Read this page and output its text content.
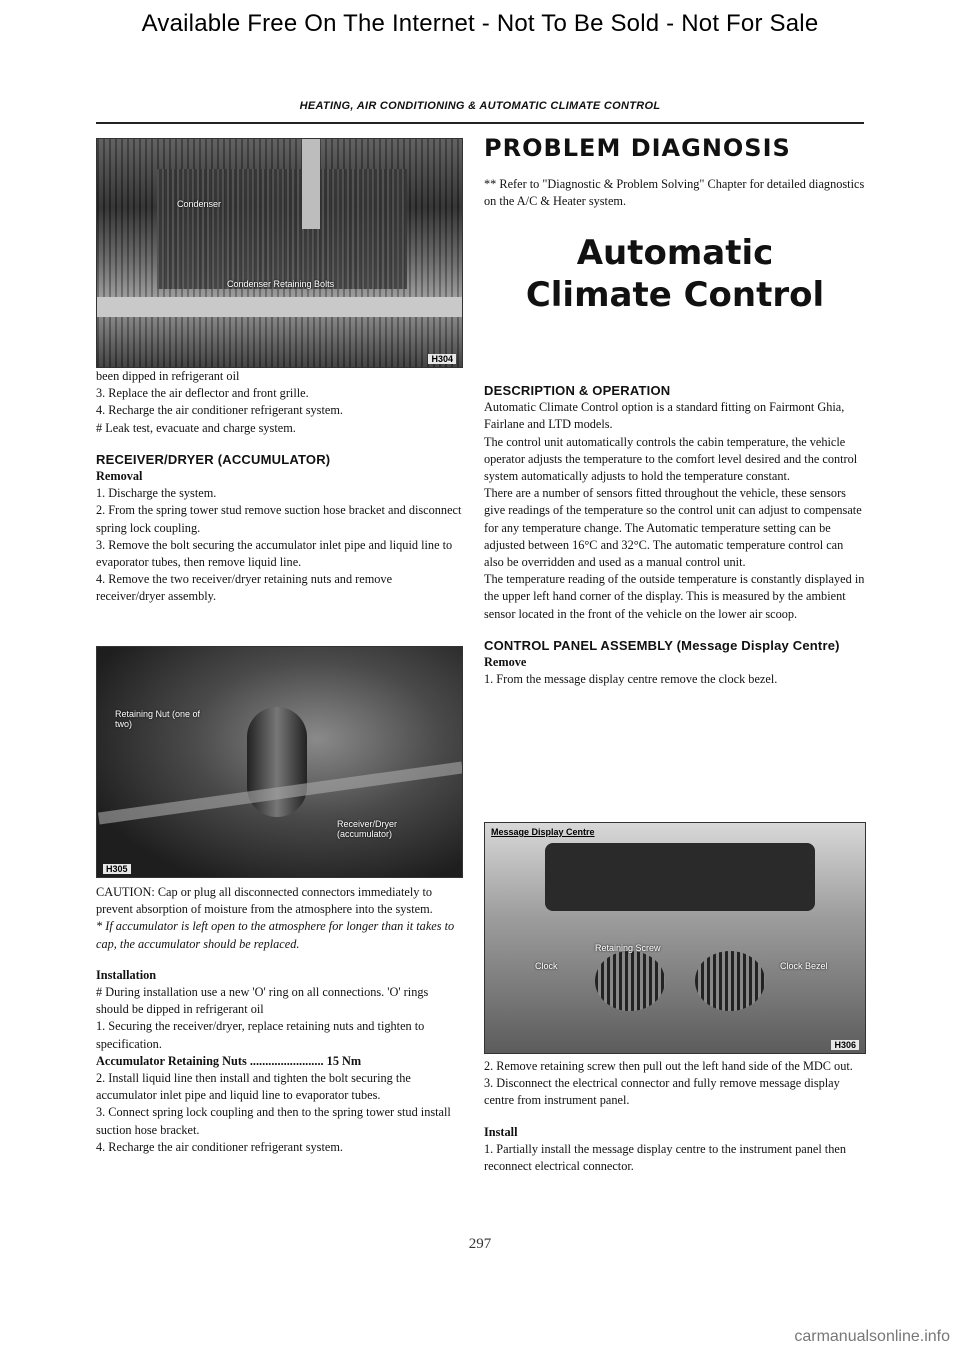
Available Free On The Internet - Not To Be Sold - Not For Sale
HEATING, AIR CONDITIONING & AUTOMATIC CLIMATE CONTROL
Condenser
Condenser Retaining Bolts
H304

been dipped in refrigerant oil

3. Replace the air deflector and front grille.

4. Recharge the air conditioner refrigerant system.

# Leak test, evacuate and charge system.

RECEIVER/DRYER (ACCUMULATOR)

Removal

1. Discharge the system.

2. From the spring tower stud remove suction hose bracket and disconnect spring lock coupling.

3. Remove the bolt securing the accumulator inlet pipe and liquid line to evaporator tubes, then remove liquid line.

4. Remove the two receiver/dryer retaining nuts and remove receiver/dryer assembly.

Retaining Nut (one of two)
Receiver/Dryer (accumulator)
H305

CAUTION: Cap or plug all disconnected connectors immediately to prevent absorption of moisture from the atmosphere into the system.

* If accumulator is left open to the atmosphere for longer than it takes to cap, the accumulator should be replaced.

Installation

# During installation use a new 'O' ring on all connections. 'O' rings should be dipped in refrigerant oil

1. Securing the receiver/dryer, replace retaining nuts and tighten to specification.

Accumulator Retaining Nuts ........................ 15 Nm

2. Install liquid line then install and tighten the bolt securing the accumulator inlet pipe and liquid line to evaporator tubes.

3. Connect spring lock coupling and then to the spring tower stud install suction hose bracket.

4. Recharge the air conditioner refrigerant system.

PROBLEM DIAGNOSIS
** Refer to "Diagnostic & Problem Solving" Chapter for detailed diagnostics on the A/C & Heater system.
Automatic
Climate Control
DESCRIPTION & OPERATION

Automatic Climate Control option is a standard fitting on Fairmont Ghia, Fairlane and LTD models.

The control unit automatically controls the cabin temperature, the vehicle operator adjusts the temperature to the comfort level desired and the control system automatically adjusts to hold the temperature constant.

There are a number of sensors fitted throughout the vehicle, these sensors give readings of the temperature so the control unit can adjust to compensate for any temperature change. The Automatic temperature setting can be adjusted between 16°C and 32°C. The automatic temperature control can also be overridden and used as a manual control unit.

The temperature reading of the outside temperature is constantly displayed in the upper left hand corner of the display. This is measured by the ambient sensor located in the front of the vehicle on the lower air scoop.

CONTROL PANEL ASSEMBLY (Message Display Centre)

Remove

1. From the message display centre remove the clock bezel.

Message Display Centre
Clock
Retaining Screw
Clock Bezel
H306

2. Remove retaining screw then pull out the left hand side of the MDC out.

3. Disconnect the electrical connector and fully remove message display centre from instrument panel.

Install

1. Partially install the message display centre to the instrument panel then reconnect electrical connector.

297
carmanualsonline.info
